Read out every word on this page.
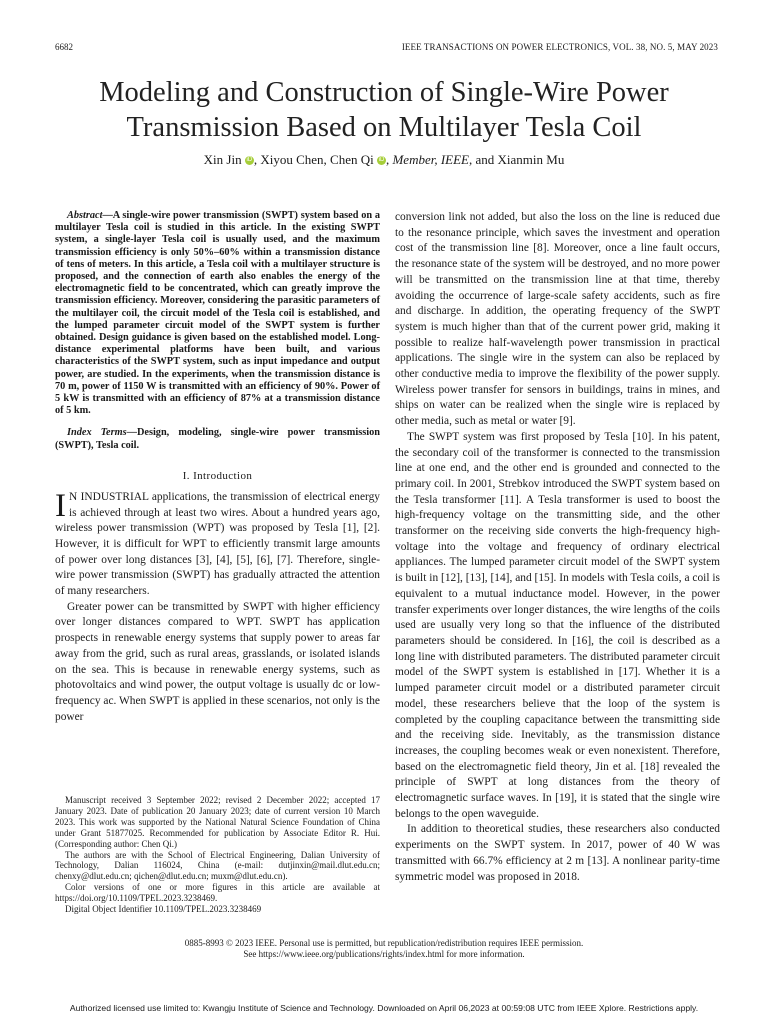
6682	IEEE TRANSACTIONS ON POWER ELECTRONICS, VOL. 38, NO. 5, MAY 2023
Modeling and Construction of Single-Wire Power Transmission Based on Multilayer Tesla Coil
Xin Jin iD , Xiyou Chen, Chen Qi iD , Member, IEEE, and Xianmin Mu

Abstract—A single-wire power transmission (SWPT) system based on a multilayer Tesla coil is studied in this article. In the existing SWPT system, a single-layer Tesla coil is usually used, and the maximum transmission efficiency is only 50%–60% within a transmission distance of tens of meters. In this article, a Tesla coil with a multilayer structure is proposed, and the connection of earth also enables the energy of the electromagnetic field to be concentrated, which can greatly improve the transmission efficiency. Moreover, considering the parasitic parameters of the multilayer coil, the circuit model of the Tesla coil is established, and the lumped parameter circuit model of the SWPT system is further obtained. Design guidance is given based on the established model. Long-distance experimental platforms have been built, and various characteristics of the SWPT system, such as input impedance and output power, are studied. In the experiments, when the transmission distance is 70 m, power of 1150 W is transmitted with an efficiency of 90%. Power of 5 kW is transmitted with an efficiency of 87% at a transmission distance of 5 km.

Index Terms—Design, modeling, single-wire power transmission (SWPT), Tesla coil.

I. Introduction

I N INDUSTRIAL applications, the transmission of electrical energy is achieved through at least two wires. About a hundred years ago, wireless power transmission (WPT) was proposed by Tesla [1], [2]. However, it is difficult for WPT to efficiently transmit large amounts of power over long distances [3], [4], [5], [6], [7]. Therefore, single-wire power transmission (SWPT) has gradually attracted the attention of many researchers.

Greater power can be transmitted by SWPT with higher efficiency over longer distances compared to WPT. SWPT has application prospects in renewable energy systems that supply power to areas far away from the grid, such as rural areas, grasslands, or isolated islands on the sea. This is because in renewable energy systems, such as photovoltaics and wind power, the output voltage is usually dc or low-frequency ac. When SWPT is applied in these scenarios, not only is the power

Manuscript received 3 September 2022; revised 2 December 2022; accepted 17 January 2023. Date of publication 20 January 2023; date of current version 10 March 2023. This work was supported by the National Natural Science Foundation of China under Grant 51877025. Recommended for publication by Associate Editor R. Hui. (Corresponding author: Chen Qi.)

The authors are with the School of Electrical Engineering, Dalian University of Technology, Dalian 116024, China (e-mail: dutjinxin@mail.dlut.edu.cn; chenxy@dlut.edu.cn; qichen@dlut.edu.cn; muxm@dlut.edu.cn).

Color versions of one or more figures in this article are available at https://doi.org/10.1109/TPEL.2023.3238469.

Digital Object Identifier 10.1109/TPEL.2023.3238469

conversion link not added, but also the loss on the line is reduced due to the resonance principle, which saves the investment and operation cost of the transmission line [8]. Moreover, once a line fault occurs, the resonance state of the system will be destroyed, and no more power will be transmitted on the transmission line at that time, thereby avoiding the occurrence of large-scale safety accidents, such as fire and discharge. In addition, the operating frequency of the SWPT system is much higher than that of the current power grid, making it possible to realize half-wavelength power transmission in practical applications. The single wire in the system can also be replaced by other conductive media to improve the flexibility of the power supply. Wireless power transfer for sensors in buildings, trains in mines, and ships on water can be realized when the single wire is replaced by other media, such as metal or water [9].

The SWPT system was first proposed by Tesla [10]. In his patent, the secondary coil of the transformer is connected to the transmission line at one end, and the other end is grounded and connected to the primary coil. In 2001, Strebkov introduced the SWPT system based on the Tesla transformer [11]. A Tesla transformer is used to boost the high-frequency voltage on the transmitting side, and the other transformer on the receiving side converts the high-frequency high-voltage into the voltage and frequency of ordinary electrical appliances. The lumped parameter circuit model of the SWPT system is built in [12], [13], [14], and [15]. In models with Tesla coils, a coil is equivalent to a mutual inductance model. However, in the power transfer experiments over longer distances, the wire lengths of the coils used are usually very long so that the influence of the distributed parameters should be considered. In [16], the coil is described as a long line with distributed parameters. The distributed parameter circuit model of the SWPT system is established in [17]. Whether it is a lumped parameter circuit model or a distributed parameter circuit model, these researchers believe that the loop of the system is completed by the coupling capacitance between the transmitting side and the receiving side. Inevitably, as the transmission distance increases, the coupling becomes weak or even nonexistent. Therefore, based on the electromagnetic field theory, Jin et al. [18] revealed the principle of SWPT at long distances from the theory of electromagnetic surface waves. In [19], it is stated that the single wire belongs to the open waveguide.

In addition to theoretical studies, these researchers also conducted experiments on the SWPT system. In 2017, power of 40 W was transmitted with 66.7% efficiency at 2 m [13]. A nonlinear parity-time symmetric model was proposed in 2018.

0885-8993 © 2023 IEEE. Personal use is permitted, but republication/redistribution requires IEEE permission.
See https://www.ieee.org/publications/rights/index.html for more information.
Authorized licensed use limited to: Kwangju Institute of Science and Technology. Downloaded on April 06,2023 at 00:59:08 UTC from IEEE Xplore. Restrictions apply.
